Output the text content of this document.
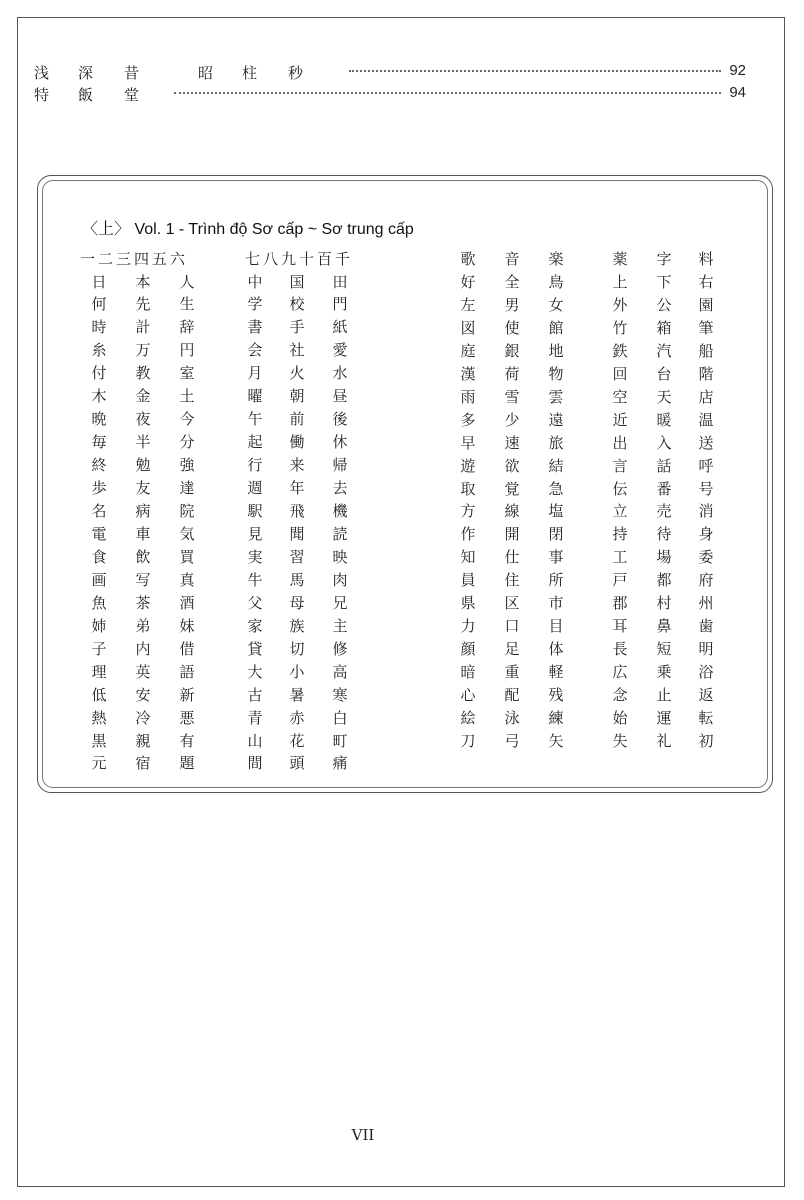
浅 深 昔	昭 柱 秒	92
特 飯 堂	94
〈上〉 Vol. 1 - Trình độ Sơ cấp ~ Sơ trung cấp
一二三四五六	七八九十百千
日 本 人	中 国 田
何 先 生	学 校 門
時 計 辞	書 手 紙
糸 万 円	会 社 愛
付 教 室	月 火 水
木 金 土	曜 朝 昼
晩 夜 今	午 前 後
毎 半 分	起 働 休
終 勉 強	行 来 帰
歩 友 達	週 年 去
名 病 院	駅 飛 機
電 車 気	見 聞 読
食 飲 買	実 習 映
画 写 真	牛 馬 肉
魚 茶 酒	父 母 兄
姉 弟 妹	家 族 主
子 内 借	貸 切 修
理 英 語	大 小 高
低 安 新	古 暑 寒
熱 冷 悪	青 赤 白
黒 親 有	山 花 町
元 宿 題	間 頭 痛
歌 音 楽	薬 字 料
好 全 鳥	上 下 右
左 男 女	外 公 園
図 使 館	竹 箱 筆
庭 銀 地	鉄 汽 船
漢 荷 物	回 台 階
雨 雪 雲	空 天 店
多 少 遠	近 暖 温
早 速 旅	出 入 送
遊 欲 結	言 話 呼
取 覚 急	伝 番 号
方 線 塩	立 売 消
作 開 閉	持 待 身
知 仕 事	工 場 委
員 住 所	戸 都 府
県 区 市	郡 村 州
力 口 目	耳 鼻 歯
顔 足 体	長 短 明
暗 重 軽	広 乗 浴
心 配 残	念 止 返
絵 泳 練	始 運 転
刀 弓 矢	失 礼 初
VII
